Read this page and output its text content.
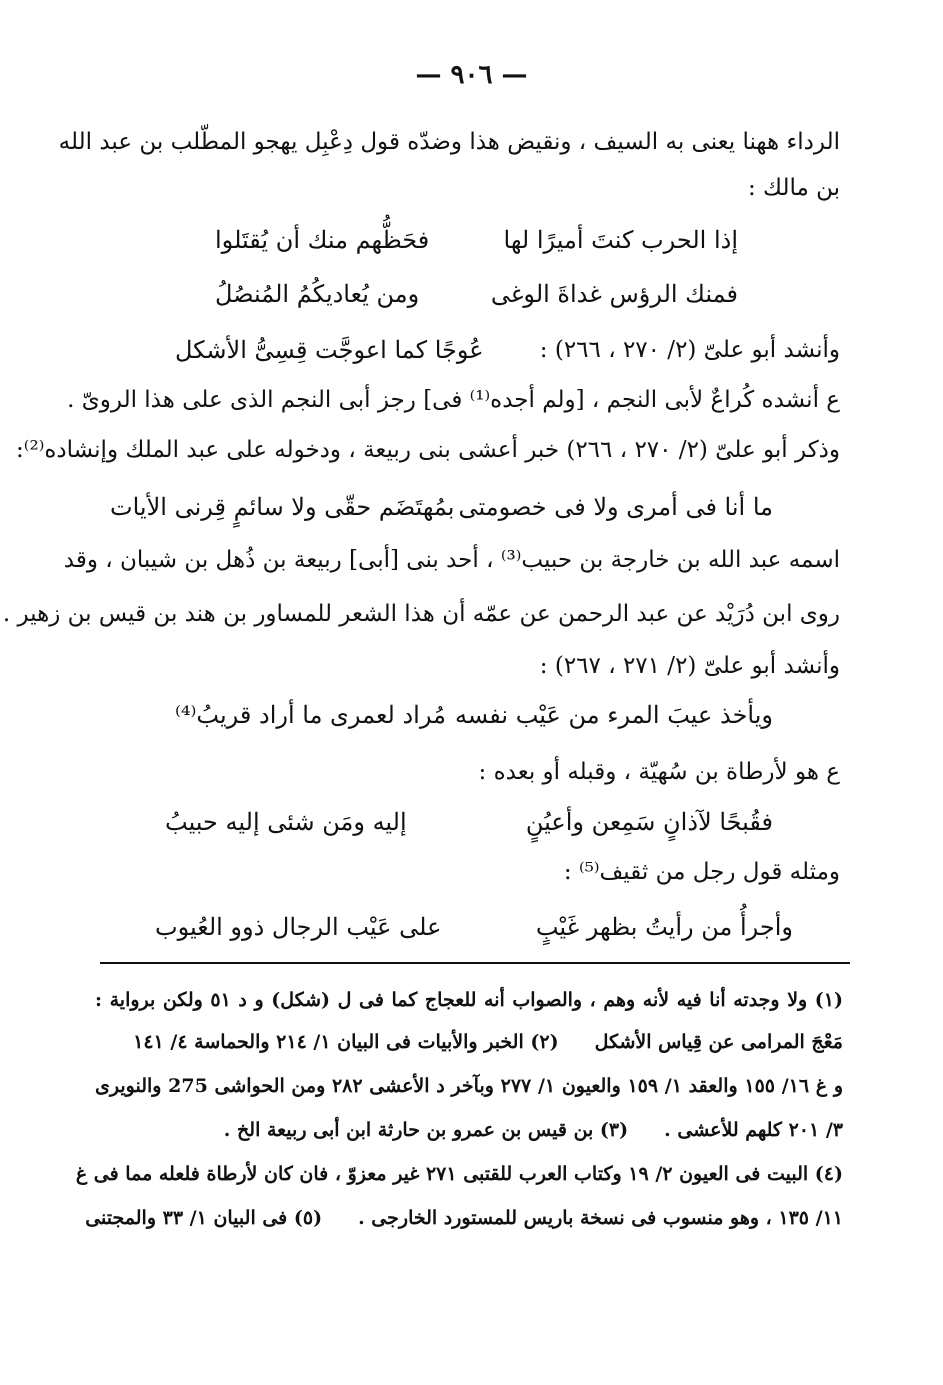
— ٩٠٦ —
الرداء ههنا يعنى به السيف ، ونقيض هذا وضدّه قول دِعْبِل يهجو المطّلب بن عبد الله
بن مالك :
إذا الحرب كنتَ أميرًا لها
فحَظُّهم منك أن يُقتَلوا
فمنك الرؤس غداةَ الوغى
ومن يُعاديكُمُ المُنصُلُ
وأنشد أبو علىّ (٢/ ٢٧٠ ، ٢٦٦) :
عُوجًا كما اعوجَّت قِسِىُّ الأشكل
ع أنشده كُراعٌ لأبى النجم ، [ولم أجده⁽¹⁾ فى] رجز أبى النجم الذى على هذا الروىّ .
وذكر أبو علىّ (٢/ ٢٧٠ ، ٢٦٦) خبر أعشى بنى ربيعة ، ودخوله على عبد الملك وإنشاده⁽²⁾:
ما أنا فى أمرى ولا فى خصومتى
بمُهتَضَم حقّى ولا سائمٍ قِرنى الأيات
اسمه عبد الله بن خارجة بن حبيب⁽³⁾ ، أحد بنى [أبى] ربيعة بن ذُهل بن شيبان ، وقد
روى ابن دُرَيْد عن عبد الرحمن عن عمّه أن هذا الشعر للمساور بن هند بن قيس بن زهير .
وأنشد أبو علىّ (٢/ ٢٧١ ، ٢٦٧) :
ويأخذ عيبَ المرء من عَيْب نفسه
مُراد لعمرى ما أراد قريبُ⁽⁴⁾
ع هو لأرطاة بن سُهيّة ، وقبله أو بعده :
فقُبحًا لآذانٍ سَمِعن وأعيُنٍ
إليه ومَن شئى إليه حبيبُ
ومثله قول رجل من ثقيف⁽⁵⁾ :
وأجرأُ من رأيتُ بظهر غَيْبٍ
على عَيْب الرجال ذوو العُيوب
(١) ولا وجدته أنا فيه لأنه وهم ، والصواب أنه للعجاج كما فى ل (شكل) و د ٥١ ولكن برواية :
مَعْجَ المرامى عن قِياس الأشكل
(٢) الخبر والأبيات فى البيان ١/ ٢١٤ والحماسة ٤/ ١٤١
و غ ١٦/ ١٥٥ والعقد ١/ ١٥٩ والعيون ١/ ٢٧٧ وبآخر د الأعشى ٢٨٢ ومن الحواشى 275 والنويرى
٣/ ٢٠١ كلهم للأعشى .
(٣) بن قيس بن عمرو بن حارثة ابن أبى ربيعة الخ .
(٤) البيت فى العيون ٢/ ١٩ وكتاب العرب للقتبى ٢٧١ غير معزوّ ، فان كان لأرطاة فلعله مما فى غ
١١/ ١٣٥ ، وهو منسوب فى نسخة باريس للمستورد الخارجى .
(٥) فى البيان ١/ ٣٣ والمجتنى
